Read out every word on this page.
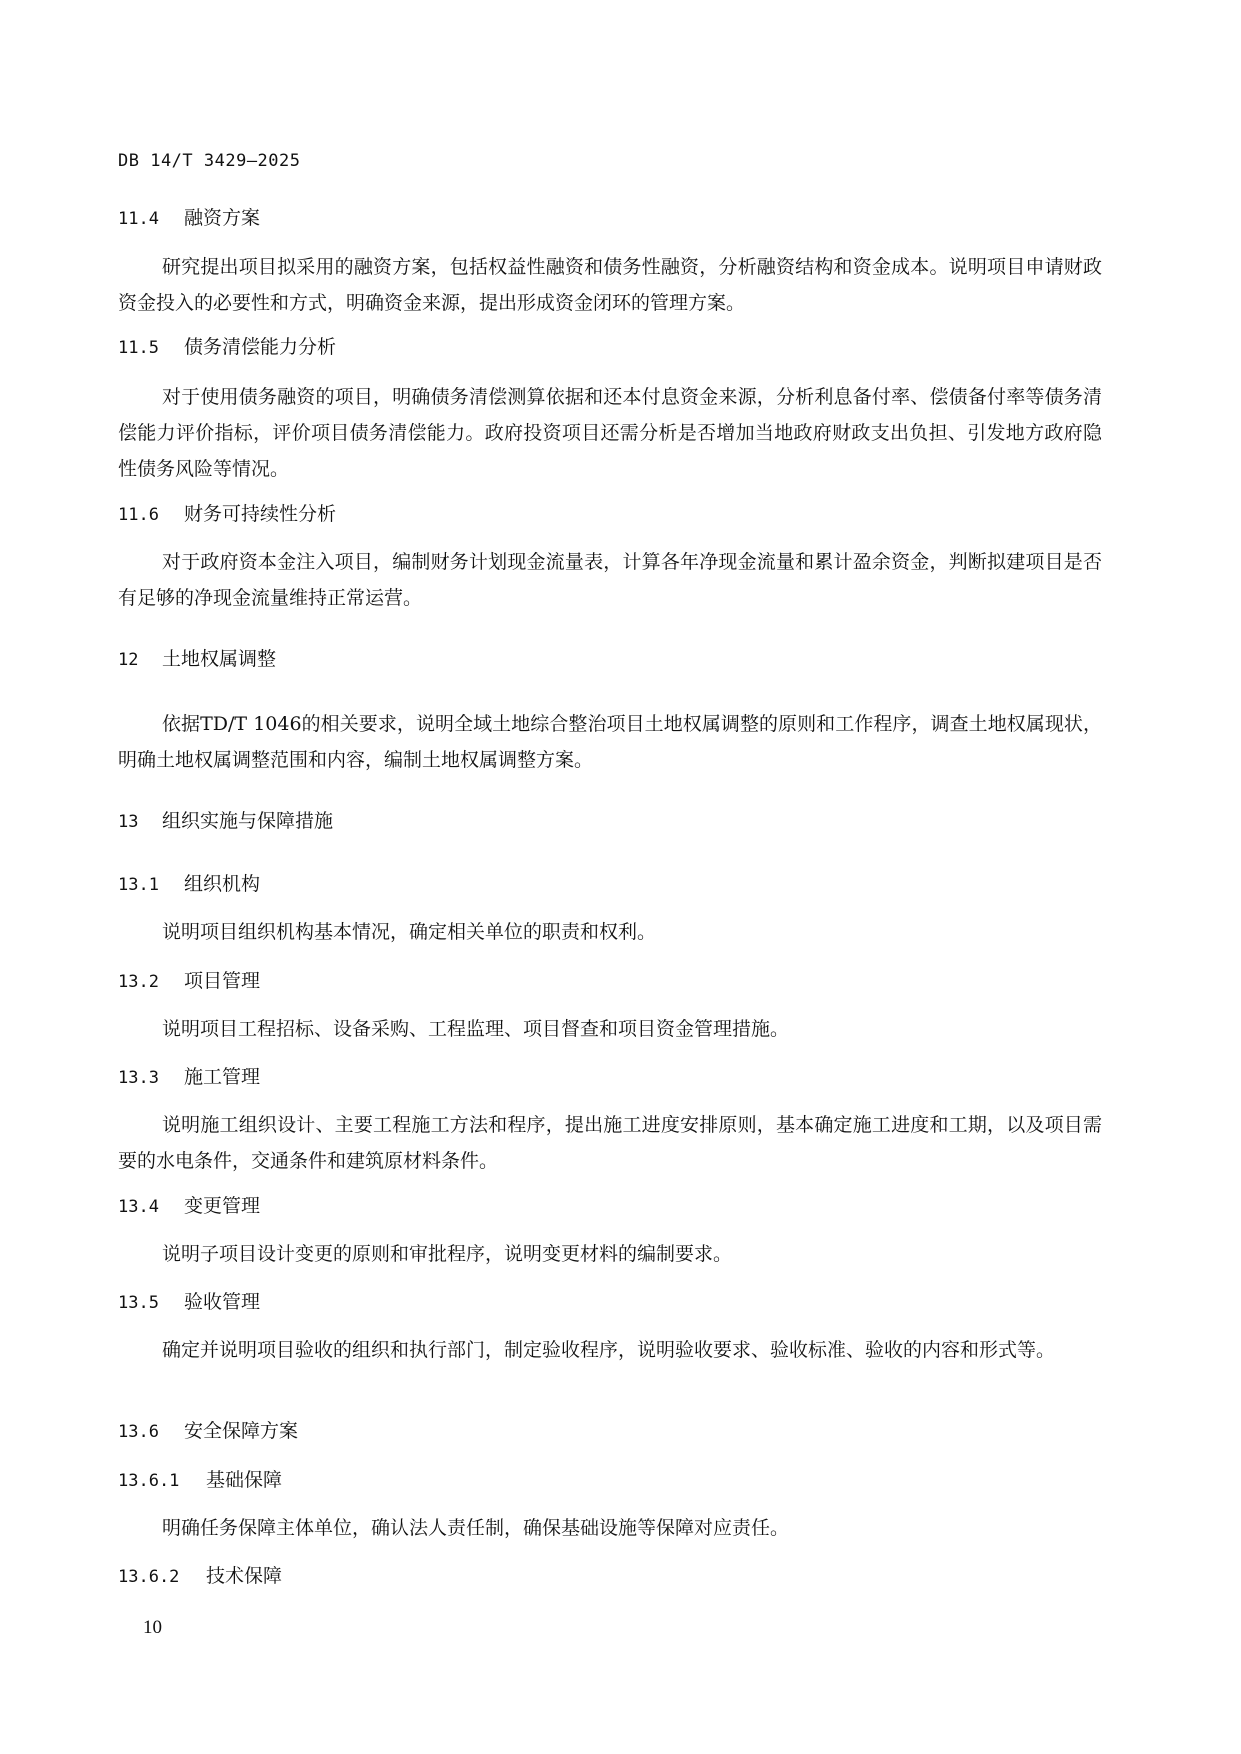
DB 14/T 3429—2025
11.4 融资方案
研究提出项目拟采用的融资方案，包括权益性融资和债务性融资，分析融资结构和资金成本。说明项目申请财政资金投入的必要性和方式，明确资金来源，提出形成资金闭环的管理方案。
11.5 债务清偿能力分析
对于使用债务融资的项目，明确债务清偿测算依据和还本付息资金来源，分析利息备付率、偿债备付率等债务清偿能力评价指标，评价项目债务清偿能力。政府投资项目还需分析是否增加当地政府财政支出负担、引发地方政府隐性债务风险等情况。
11.6 财务可持续性分析
对于政府资本金注入项目，编制财务计划现金流量表，计算各年净现金流量和累计盈余资金，判断拟建项目是否有足够的净现金流量维持正常运营。
12 土地权属调整
依据TD/T 1046的相关要求，说明全域土地综合整治项目土地权属调整的原则和工作程序，调查土地权属现状，明确土地权属调整范围和内容，编制土地权属调整方案。
13 组织实施与保障措施
13.1 组织机构
说明项目组织机构基本情况，确定相关单位的职责和权利。
13.2 项目管理
说明项目工程招标、设备采购、工程监理、项目督查和项目资金管理措施。
13.3 施工管理
说明施工组织设计、主要工程施工方法和程序，提出施工进度安排原则，基本确定施工进度和工期，以及项目需要的水电条件，交通条件和建筑原材料条件。
13.4 变更管理
说明子项目设计变更的原则和审批程序，说明变更材料的编制要求。
13.5 验收管理
确定并说明项目验收的组织和执行部门，制定验收程序，说明验收要求、验收标准、验收的内容和形式等。
13.6 安全保障方案
13.6.1 基础保障
明确任务保障主体单位，确认法人责任制，确保基础设施等保障对应责任。
13.6.2 技术保障
10
